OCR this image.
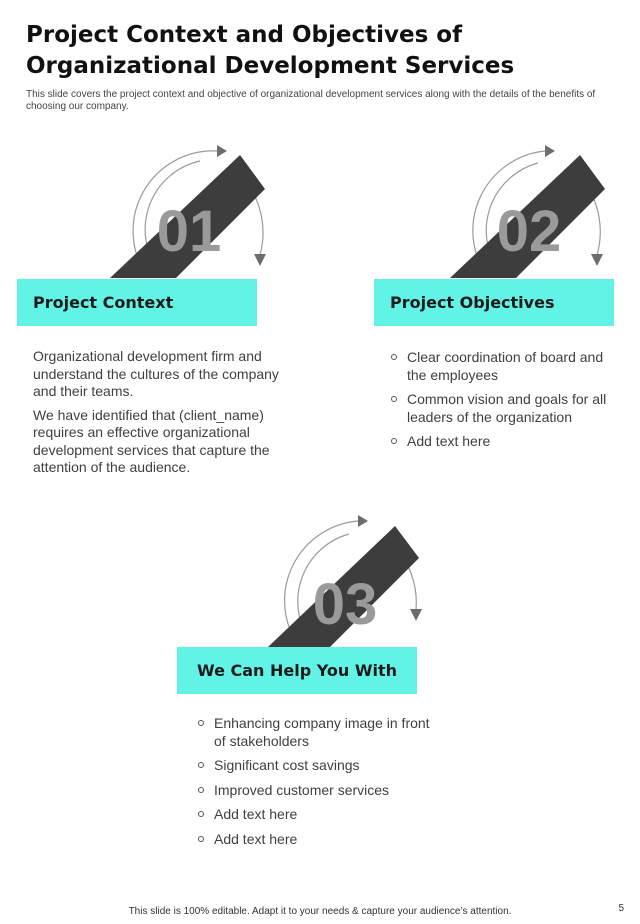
Project Context and Objectives of Organizational Development Services

This slide covers the project context and objective of organizational development services along with the details of the benefits of choosing our company.

01
Project Context

Organizational development firm and understand the cultures of the company and their teams.

We have identified that (client_name) requires an effective organizational development services that capture the attention of the audience.

02
Project Objectives
Clear coordination of board and the employees
Common vision and goals for all leaders of the organization
Add text here
03
We Can Help You With
Enhancing company image in front of stakeholders
Significant cost savings
Improved customer services
Add text here
Add text here
This slide is 100% editable. Adapt it to your needs & capture your audience’s attention.	5
